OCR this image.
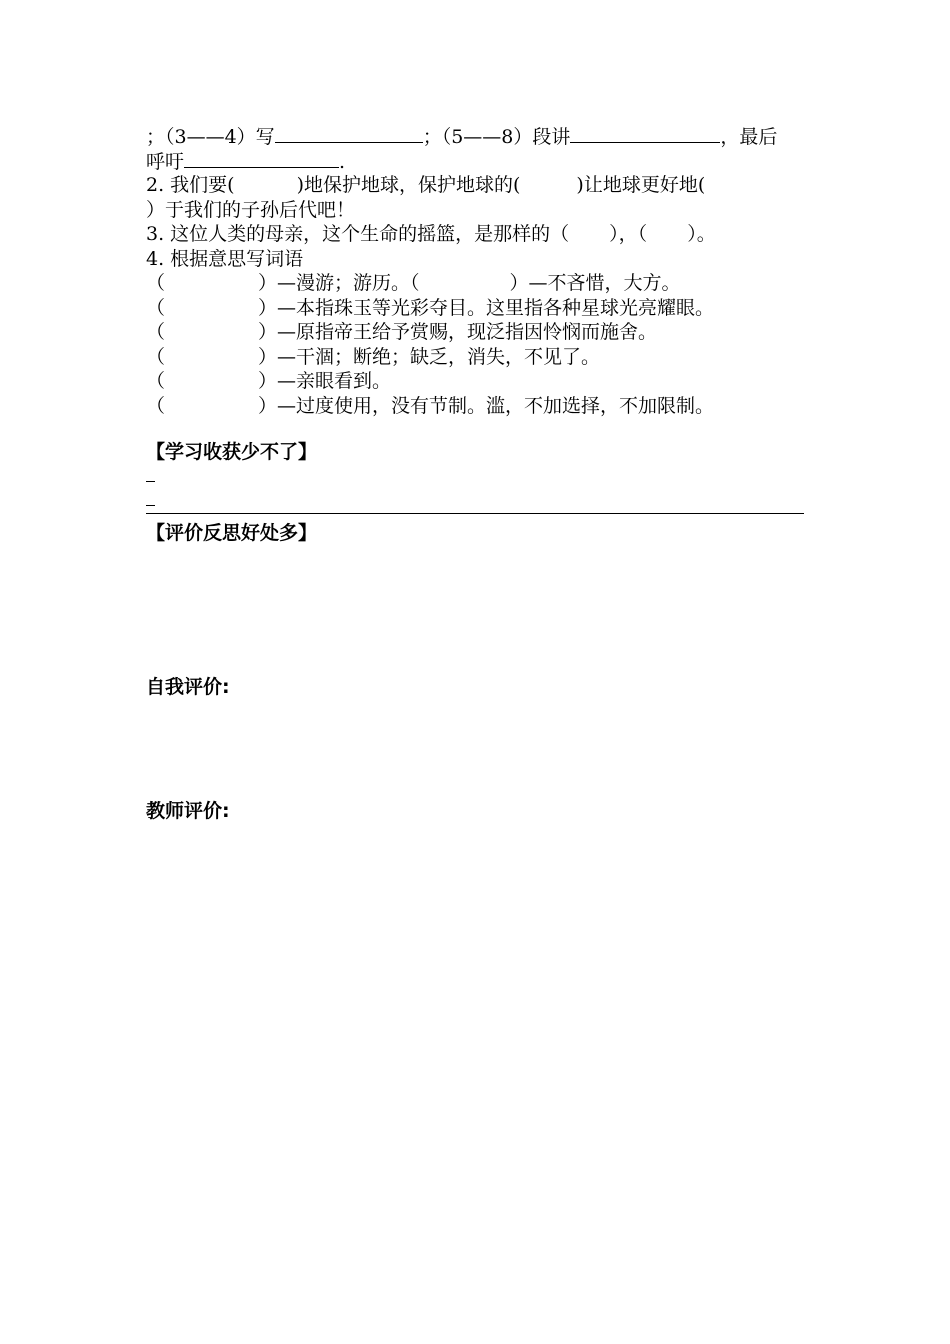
；（3——4）写	；（5——8）段讲	，最后
呼吁	.
2. 我们要(	)地保护地球，保护地球的(	)让地球更好地(
）于我们的子孙后代吧！
3. 这位人类的母亲，这个生命的摇篮，是那样的（ ），（ ）。
4. 根据意思写词语
（	）—漫游；游历。（	）—不吝惜，大方。
（	）—本指珠玉等光彩夺目。这里指各种星球光亮耀眼。
（	）—原指帝王给予赏赐，现泛指因怜悯而施舍。
（	）—干涸；断绝；缺乏，消失，不见了。
（	）—亲眼看到。
（	）—过度使用，没有节制。滥，不加选择，不加限制。
【学习收获少不了】
【评价反思好处多】
自我评价:
教师评价:
